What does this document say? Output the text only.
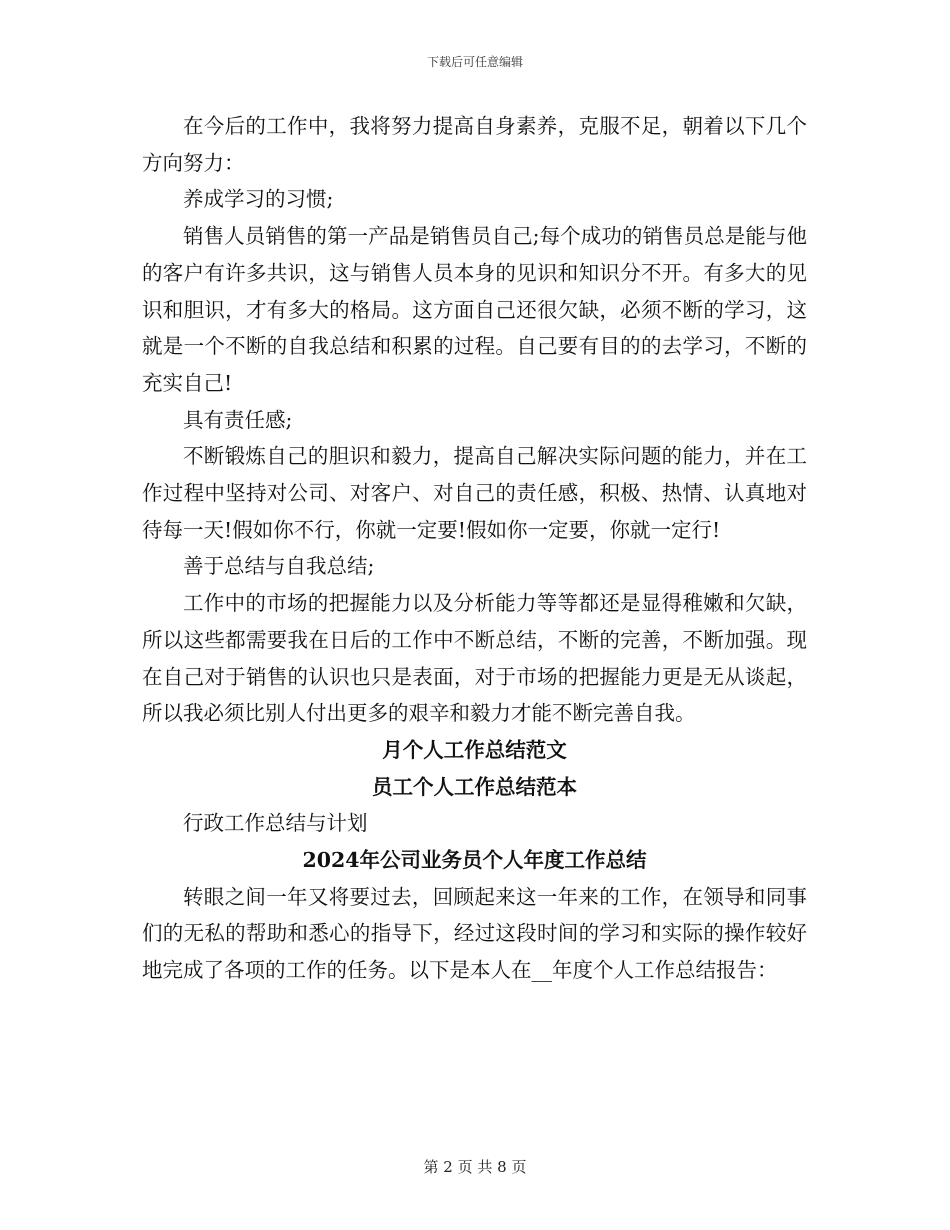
下载后可任意编辑

在今后的工作中，我将努力提高自身素养，克服不足，朝着以下几个方向努力：

养成学习的习惯;

销售人员销售的第一产品是销售员自己;每个成功的销售员总是能与他的客户有许多共识，这与销售人员本身的见识和知识分不开。有多大的见识和胆识，才有多大的格局。这方面自己还很欠缺，必须不断的学习，这就是一个不断的自我总结和积累的过程。自己要有目的的去学习，不断的充实自己!

具有责任感;

不断锻炼自己的胆识和毅力，提高自己解决实际问题的能力，并在工作过程中坚持对公司、对客户、对自己的责任感，积极、热情、认真地对待每一天!假如你不行，你就一定要!假如你一定要，你就一定行!

善于总结与自我总结;

工作中的市场的把握能力以及分析能力等等都还是显得稚嫩和欠缺，所以这些都需要我在日后的工作中不断总结，不断的完善，不断加强。现在自己对于销售的认识也只是表面，对于市场的把握能力更是无从谈起，所以我必须比别人付出更多的艰辛和毅力才能不断完善自我。

月个人工作总结范文

员工个人工作总结范本

行政工作总结与计划

2024年公司业务员个人年度工作总结

转眼之间一年又将要过去，回顾起来这一年来的工作，在领导和同事们的无私的帮助和悉心的指导下，经过这段时间的学习和实际的操作较好地完成了各项的工作的任务。以下是本人在__年度个人工作总结报告：

第 2 页 共 8 页
